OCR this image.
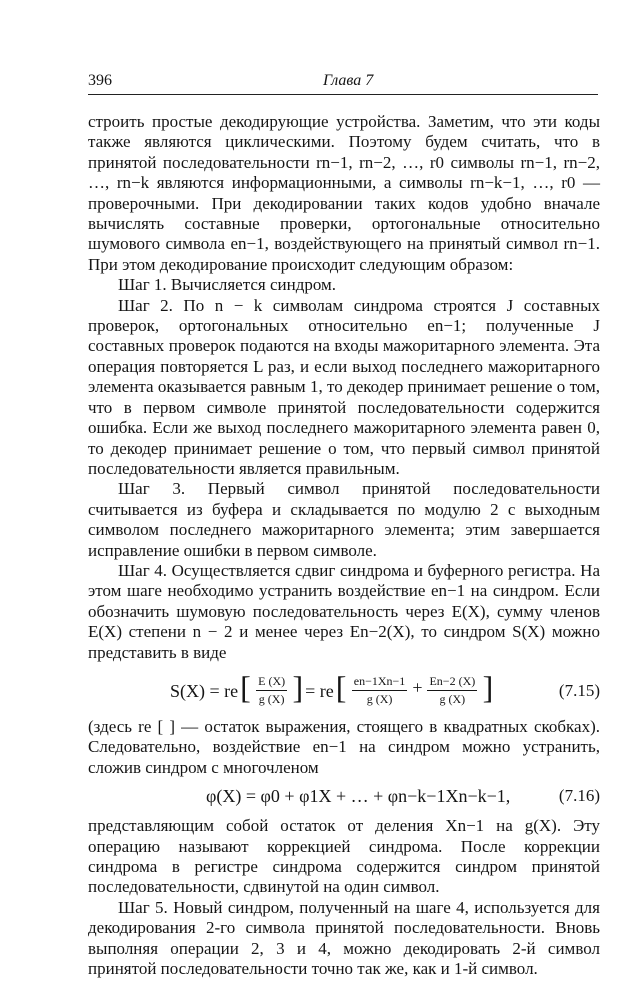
396	Глава 7

строить простые декодирующие устройства. Заметим, что эти коды также являются циклическими. Поэтому будем считать, что в принятой последовательности rn−1, rn−2, …, r0 символы rn−1, rn−2, …, rn−k являются информационными, а символы rn−k−1, …, r0 — проверочными. При декодировании таких кодов удобно вначале вычислять составные проверки, ортогональные относительно шумового символа en−1, воздействующего на принятый символ rn−1. При этом декодирование происходит следующим образом:

Шаг 1. Вычисляется синдром.

Шаг 2. По n − k символам синдрома строятся J составных проверок, ортогональных относительно en−1; полученные J составных проверок подаются на входы мажоритарного элемента. Эта операция повторяется L раз, и если выход последнего мажоритарного элемента оказывается равным 1, то декодер принимает решение о том, что в первом символе принятой последовательности содержится ошибка. Если же выход последнего мажоритарного элемента равен 0, то декодер принимает решение о том, что первый символ принятой последовательности является правильным.

Шаг 3. Первый символ принятой последовательности считывается из буфера и складывается по модулю 2 с выходным символом последнего мажоритарного элемента; этим завершается исправление ошибки в первом символе.

Шаг 4. Осуществляется сдвиг синдрома и буферного регистра. На этом шаге необходимо устранить воздействие en−1 на синдром. Если обозначить шумовую последовательность через E(X), сумму членов E(X) степени n − 2 и менее через En−2(X), то синдром S(X) можно представить в виде

S(X) = re [ $\frac{E (X)}{g (X)}$ ] = re [ $\frac{en-1Xn-1}{g (X)} + \frac{En-2 (X)}{g (X)}$ ]	(7.15)

(здесь re [ ] — остаток выражения, стоящего в квадратных скобках). Следовательно, воздействие en−1 на синдром можно устранить, сложив синдром с многочленом

φ(X) = φ0 + φ1X + … + φn−k−1Xn−k−1,	(7.16)

представляющим собой остаток от деления Xn−1 на g(X). Эту операцию называют коррекцией синдрома. После коррекции синдрома в регистре синдрома содержится синдром принятой последовательности, сдвинутой на один символ.

Шаг 5. Новый синдром, полученный на шаге 4, используется для декодирования 2-го символа принятой последовательности. Вновь выполняя операции 2, 3 и 4, можно декодировать 2-й символ принятой последовательности точно так же, как и 1-й символ.
